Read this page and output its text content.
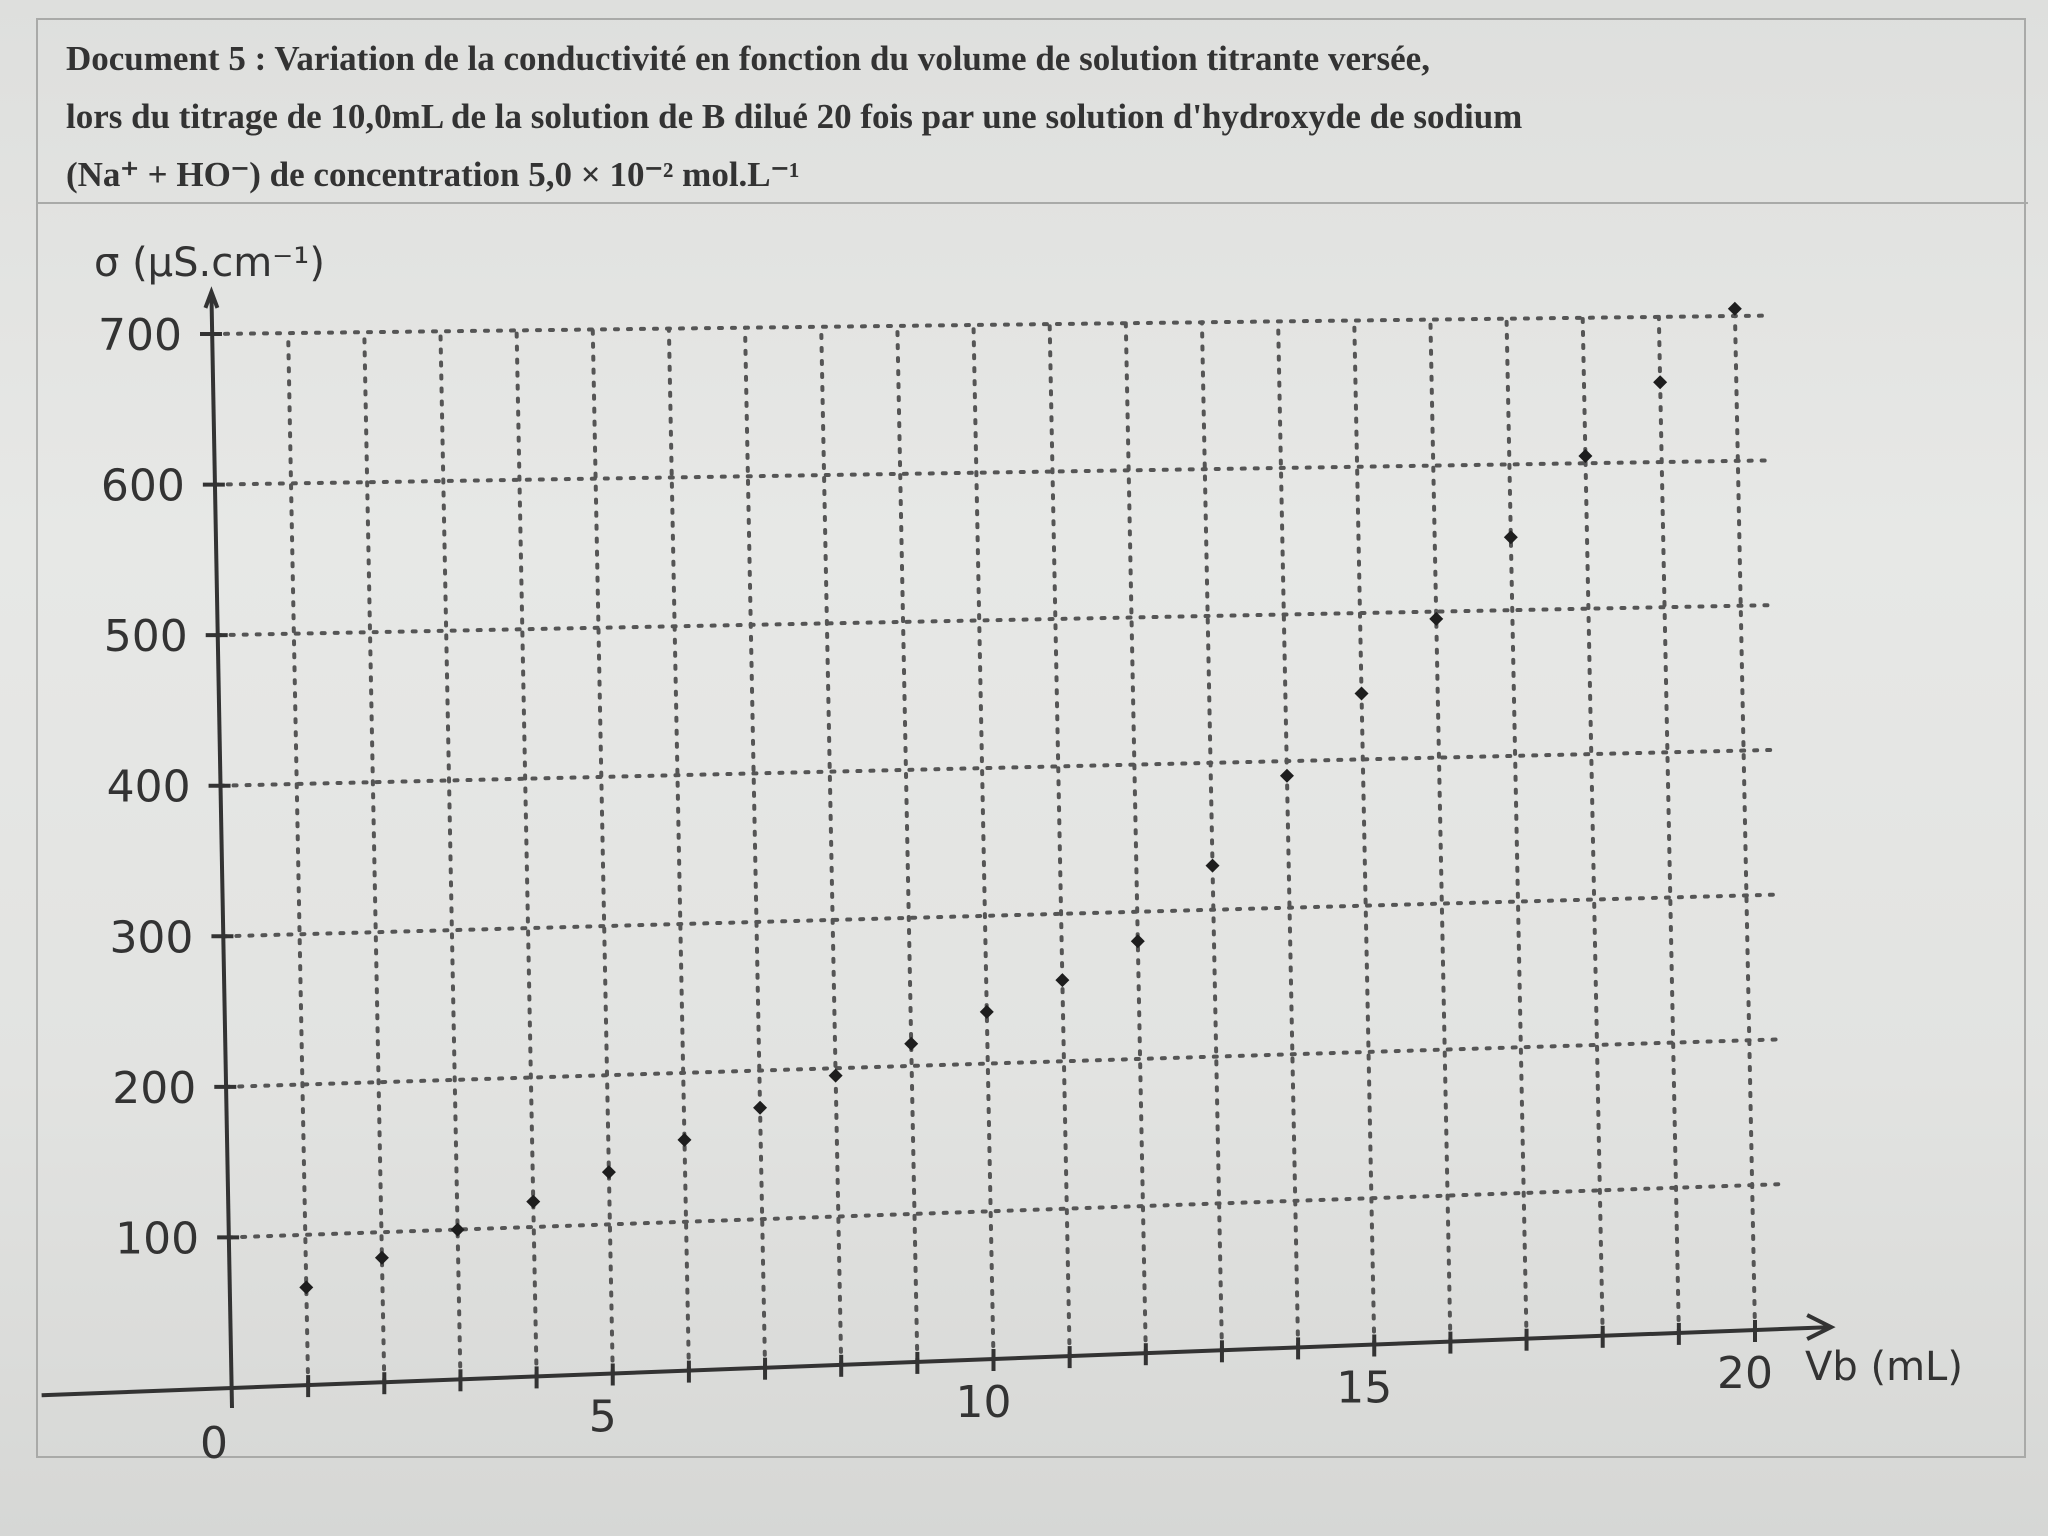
Document 5 : Variation de la conductivité en fonction du volume de solution titrante versée,
lors du titrage de 10,0mL de la solution de B dilué 20 fois par une solution d'hydroxyde de sodium
(Na⁺ + HO⁻) de concentration 5,0 × 10⁻² mol.L⁻¹
0
5	10	15	20
100
200
300
400
500
600
700
σ (µS.cm⁻¹)
Vb (mL)
